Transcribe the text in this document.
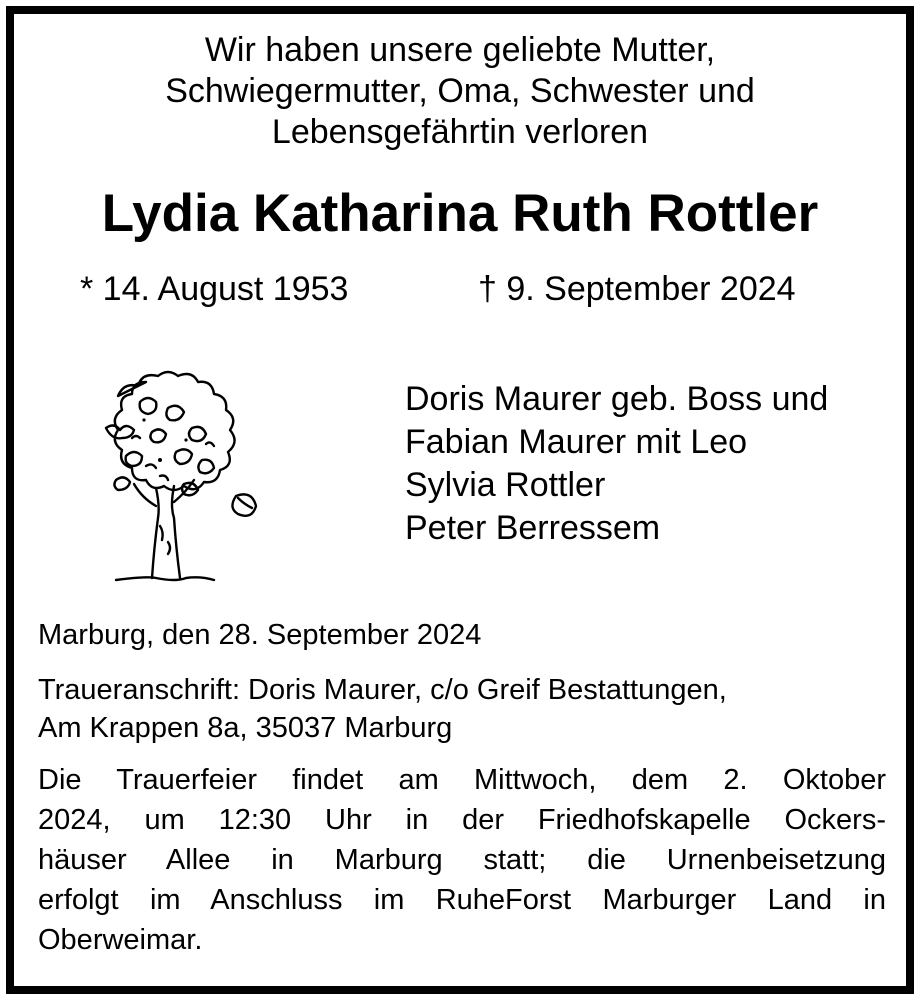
Wir haben unsere geliebte Mutter,
Schwiegermutter, Oma, Schwester und
Lebensgefährtin verloren
Lydia Katharina Ruth Rottler
* 14. August 1953	† 9. September 2024
Doris Maurer geb. Boss und
Fabian Maurer mit Leo
Sylvia Rottler
Peter Berressem
Marburg, den 28. September 2024
Traueranschrift: Doris Maurer, c/o Greif Bestattungen,
Am Krappen 8a, 35037 Marburg
Die Trauerfeier findet am Mittwoch, dem 2. Oktober
2024, um 12:30 Uhr in der Friedhofskapelle Ockers-
häuser Allee in Marburg statt; die Urnenbeisetzung
erfolgt im Anschluss im RuheForst Marburger Land in
Oberweimar.
